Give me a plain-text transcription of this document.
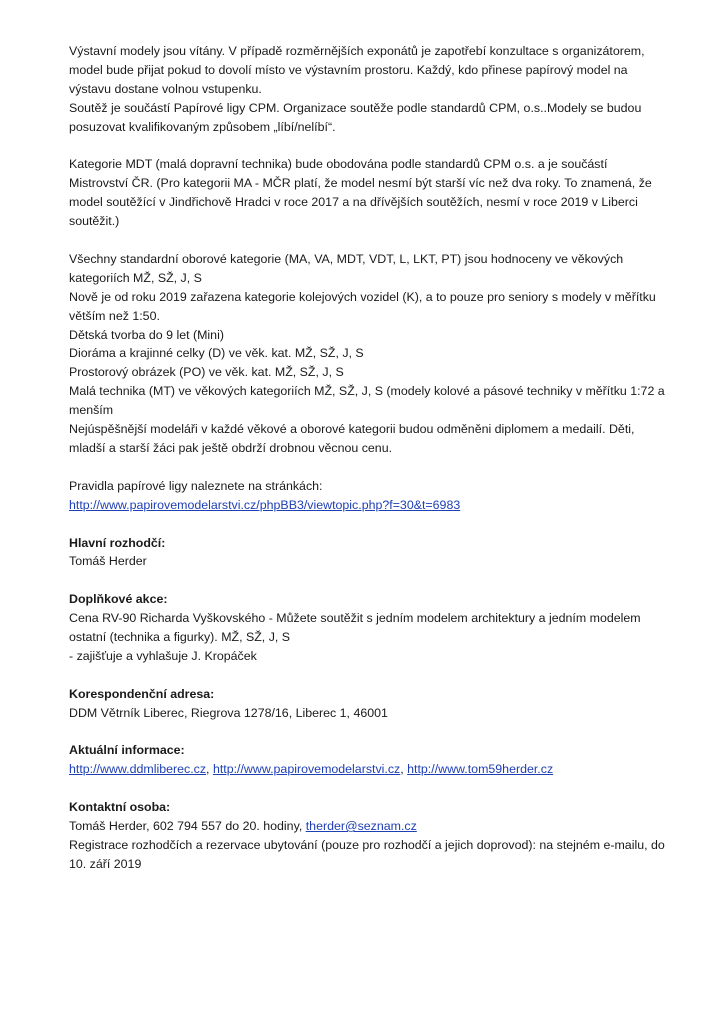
Výstavní modely jsou vítány. V případě rozměrnějších exponátů je zapotřebí konzultace s organizátorem,
model bude přijat pokud to dovolí místo ve výstavním prostoru. Každý, kdo přinese papírový model na
výstavu dostane volnou vstupenku.
Soutěž je součástí Papírové ligy CPM. Organizace soutěže podle standardů CPM, o.s..Modely se budou
posuzovat kvalifikovaným způsobem „líbí/nelíbí“.
Kategorie MDT (malá dopravní technika) bude obodována podle standardů CPM o.s. a je součástí
Mistrovství ČR. (Pro kategorii MA - MČR platí, že model nesmí být starší víc než dva roky. To znamená, že
model soutěžící v Jindřichově Hradci v roce 2017 a na dřívějších soutěžích, nesmí v roce 2019 v Liberci
soutěžit.)
Všechny standardní oborové kategorie (MA, VA, MDT, VDT, L, LKT, PT) jsou hodnoceny ve věkových
kategoriích MŽ, SŽ, J, S
Nově je od roku 2019 zařazena kategorie kolejových vozidel (K), a to pouze pro seniory s modely v měřítku
větším než 1:50.
Dětská tvorba do 9 let (Mini)
Dioráma a krajinné celky (D) ve věk. kat. MŽ, SŽ, J, S
Prostorový obrázek (PO) ve věk. kat. MŽ, SŽ, J, S
Malá technika (MT) ve věkových kategoriích MŽ, SŽ, J, S (modely kolové a pásové techniky v měřítku 1:72 a
menším
Nejúspěšnější modeláři v každé věkové a oborové kategorii budou odměněni diplomem a medailí. Děti,
mladší a starší žáci pak ještě obdrží drobnou věcnou cenu.
Pravidla papírové ligy naleznete na stránkách:
http://www.papirovemodelarstvi.cz/phpBB3/viewtopic.php?f=30&t=6983
Hlavní rozhodčí:
Tomáš Herder
Doplňkové akce:
Cena RV-90 Richarda Vyškovského - Můžete soutěžit s jedním modelem architektury a jedním modelem
ostatní (technika a figurky). MŽ, SŽ, J, S
- zajišťuje a vyhlašuje J. Kropáček
Korespondenční adresa:
DDM Větrník Liberec, Riegrova 1278/16, Liberec 1, 46001
Aktuální informace:
http://www.ddmliberec.cz, http://www.papirovemodelarstvi.cz, http://www.tom59herder.cz
Kontaktní osoba:
Tomáš Herder, 602 794 557 do 20. hodiny, therder@seznam.cz
Registrace rozhodčích a rezervace ubytování (pouze pro rozhodčí a jejich doprovod): na stejném e-mailu, do
10. září 2019
